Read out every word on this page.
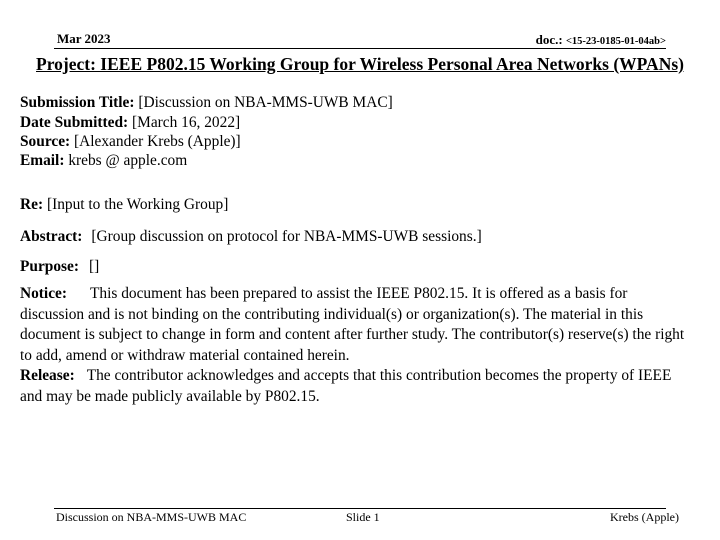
Mar 2023	doc.: <15-23-0185-01-04ab>
Project: IEEE P802.15 Working Group for Wireless Personal Area Networks (WPANs)
Submission Title: [Discussion on NBA-MMS-UWB MAC]
Date Submitted: [March 16, 2022]
Source: [Alexander Krebs (Apple)]
Email: krebs @ apple.com
Re: [Input to the Working Group]
Abstract: [Group discussion on protocol for NBA-MMS-UWB sessions.]
Purpose: []
Notice: This document has been prepared to assist the IEEE P802.15. It is offered as a basis for discussion and is not binding on the contributing individual(s) or organization(s). The material in this document is subject to change in form and content after further study. The contributor(s) reserve(s) the right to add, amend or withdraw material contained herein.
Release: The contributor acknowledges and accepts that this contribution becomes the property of IEEE and may be made publicly available by P802.15.
Discussion on NBA-MMS-UWB MAC	Slide 1	Krebs (Apple)
